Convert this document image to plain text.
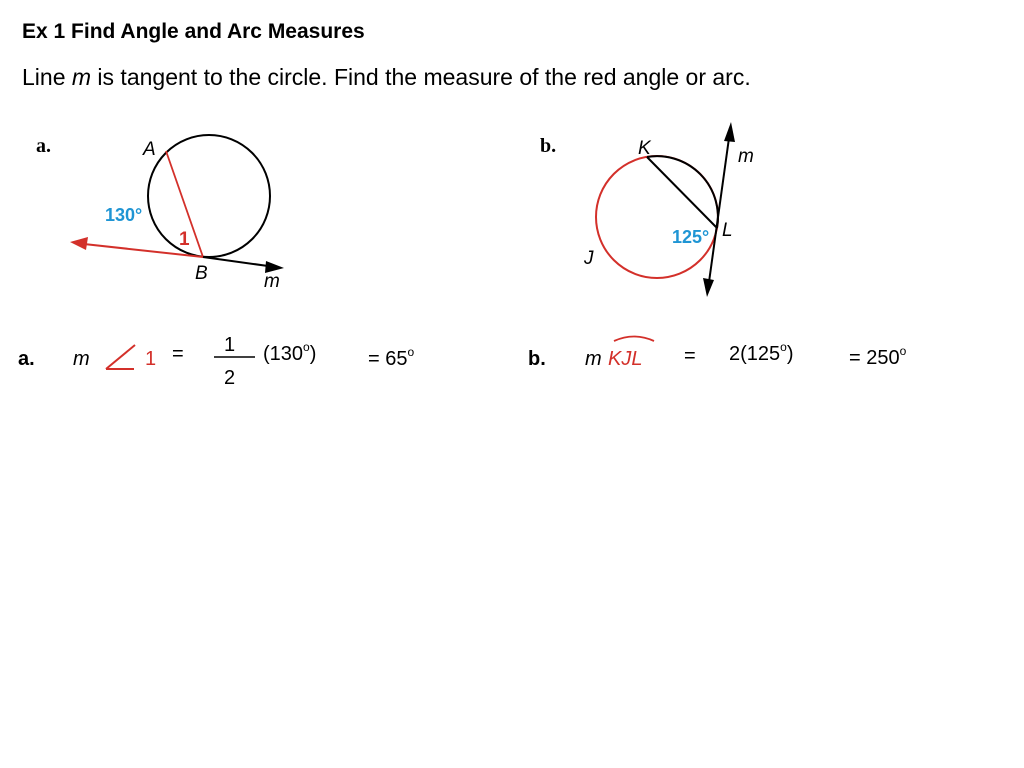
Ex 1 Find Angle and Arc Measures
Line m is tangent to the circle. Find the measure of the red angle or arc.
a.	A
B	m
130°
1
b.	K
L
J
m
125°
a. m	1 = 1
2
$(130^o)$	= $65^o$	b. m KJL = $2(125^o)$	= $250^o$
